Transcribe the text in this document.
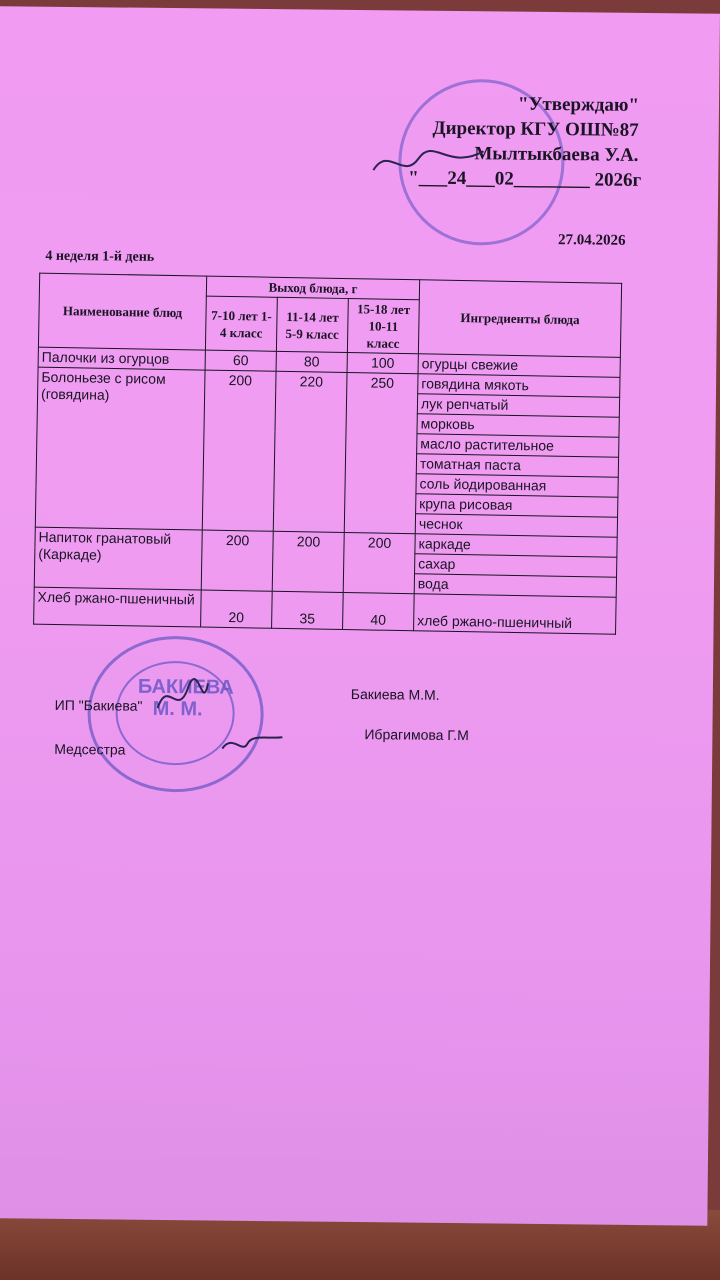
"Утверждаю"
Директор КГУ ОШ№87
Мылтыкбаева У.А.
"___24___02________ 2026г
27.04.2026
4 неделя 1-й день
Наименование блюд	Выход блюда, г			Ингредиенты блюда
	7-10 лет 1-4 класс	11-14 лет 5-9 класс	15-18 лет 10-11 класс	
Палочки из огурцов	60	80	100	огурцы свежие
Болоньезе с рисом (говядина)	200	220	250	говядина мякоть
				лук репчатый
				морковь
				масло растительное
				томатная паста
				соль йодированная
				крупа рисовая
				чеснок
Напиток гранатовый (Каркаде)	200	200	200	каркаде
				сахар
				вода
Хлеб ржано-пшеничный	20	35	40	хлеб ржано-пшеничный
БАКИЕВА М. М.
ИП "Бакиева"
Бакиева М.М.
Медсестра
Ибрагимова Г.М
